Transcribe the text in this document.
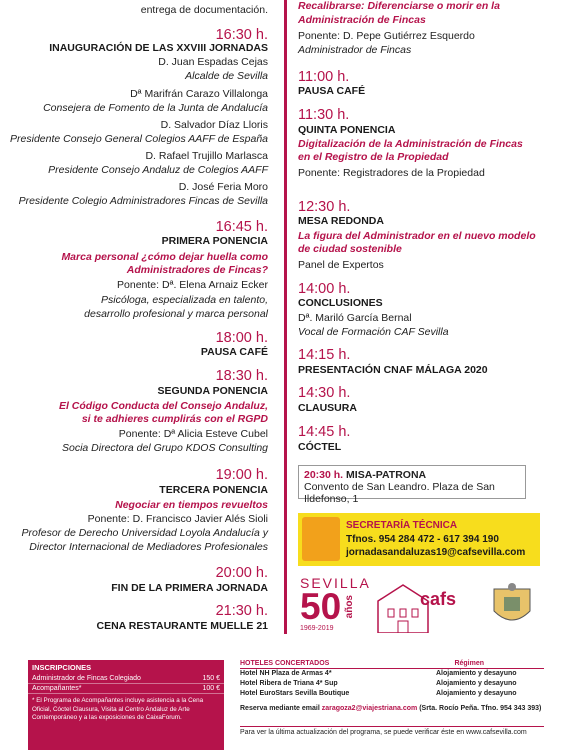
entrega de documentación.
16:30 h.
INAUGURACIÓN DE LAS XXVIII JORNADAS
D. Juan Espadas Cejas
Alcalde de Sevilla
Dª Marifrán Carazo Villalonga
Consejera de Fomento de la Junta de Andalucía
D. Salvador Díaz Lloris
Presidente Consejo General Colegios AAFF de España
D. Rafael Trujillo Marlasca
Presidente Consejo Andaluz de Colegios AAFF
D. José Feria Moro
Presidente Colegio Administradores Fincas de Sevilla
16:45 h.
PRIMERA PONENCIA
Marca personal ¿cómo dejar huella como
Administradores de Fincas?
Ponente: Dª. Elena Arnaiz Ecker
Psicóloga, especializada en talento,
desarrollo profesional y marca personal
18:00 h.
PAUSA CAFÉ
18:30 h.
SEGUNDA PONENCIA
El Código Conducta del Consejo Andaluz,
si te adhieres cumplirás con el RGPD
Ponente: Dª Alicia Esteve Cubel
Socia Directora del Grupo KDOS Consulting
19:00 h.
TERCERA PONENCIA
Negociar en tiempos revueltos
Ponente: D. Francisco Javier Alés Sioli
Profesor de Derecho Universidad Loyola Andalucía y
Director Internacional de Mediadores Profesionales
20:00 h.
FIN DE LA PRIMERA JORNADA
21:30 h.
CENA RESTAURANTE MUELLE 21
Recalibrarse: Diferenciarse o morir en la
Administración de Fincas
Ponente: D. Pepe Gutiérrez Esquerdo
Administrador de Fincas
11:00 h.
PAUSA CAFÉ
11:30 h.
QUINTA PONENCIA
Digitalización de la Administración de Fincas
en el Registro de la Propiedad
Ponente: Registradores de la Propiedad
12:30 h.
MESA REDONDA
La figura del Administrador en el nuevo modelo
de ciudad sostenible
Panel de Expertos
14:00 h.
CONCLUSIONES
Dª. Mariló García Bernal
Vocal de Formación CAF Sevilla
14:15 h.
PRESENTACIÓN CNAF MÁLAGA 2020
14:30 h.
CLAUSURA
14:45 h.
CÓCTEL
20:30 h. MISA-PATRONA
Convento de San Leandro. Plaza de San Ildefonso, 1
SECRETARÍA TÉCNICA
Tfnos. 954 284 472 - 617 394 190
jornadasandaluzas19@cafsevilla.com
SEVILLA
50 años
1969-2019
cafs
INSCRIPCIONES
Administrador de Fincas Colegiado	150 €
Acompañantes*	100 €
* El Programa de Acompañantes incluye asistencia a la Cena Oficial, Cóctel Clausura, Visita al Centro Andaluz de Arte Contemporáneo y a las exposiciones de CaixaForum.
HOTELES CONCERTADOS	Régimen
Hotel NH Plaza de Armas 4*	Alojamiento y desayuno
Hotel Ribera de Triana 4* Sup	Alojamiento y desayuno
Hotel EuroStars Sevilla Boutique	Alojamiento y desayuno
Reserva mediante email zaragoza2@viajestriana.com (Srta. Rocío Peña. Tfno. 954 343 393)
Para ver la última actualización del programa, se puede verificar éste en www.cafsevilla.com
